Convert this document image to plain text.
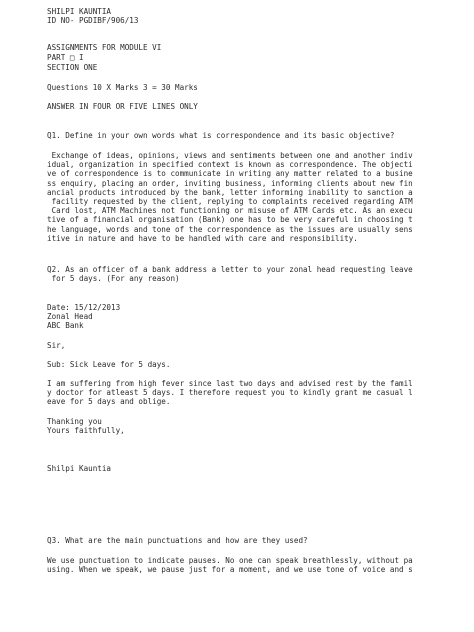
SHILPI KAUNTIA
ID NO- PGDIBF/906/13
ASSIGNMENTS FOR MODULE VI
PART □ I
SECTION ONE
Questions 10 X Marks 3 = 30 Marks
ANSWER IN FOUR OR FIVE LINES ONLY
Q1. Define in your own words what is correspondence and its basic objective?
Exchange of ideas, opinions, views and sentiments between one and another indiv
idual, organization in specified context is known as correspondence. The objecti
ve of correspondence is to communicate in writing any matter related to a busine
ss enquiry, placing an order, inviting business, informing clients about new fin
ancial products introduced by the bank, letter informing inability to sanction a
facility requested by the client, replying to complaints received regarding ATM
Card lost, ATM Machines not functioning or misuse of ATM Cards etc. As an execu
tive of a financial organisation (Bank) one has to be very careful in choosing t
he language, words and tone of the correspondence as the issues are usually sens
itive in nature and have to be handled with care and responsibility.
Q2. As an officer of a bank address a letter to your zonal head requesting leave
for 5 days. (For any reason)
Date: 15/12/2013
Zonal Head
ABC Bank
Sir,
Sub: Sick Leave for 5 days.
I am suffering from high fever since last two days and advised rest by the famil
y doctor for atleast 5 days. I therefore request you to kindly grant me casual l
eave for 5 days and oblige.
Thanking you
Yours faithfully,
Shilpi Kauntia
Q3. What are the main punctuations and how are they used?
We use punctuation to indicate pauses. No one can speak breathlessly, without pa
using. When we speak, we pause just for a moment, and we use tone of voice and s
